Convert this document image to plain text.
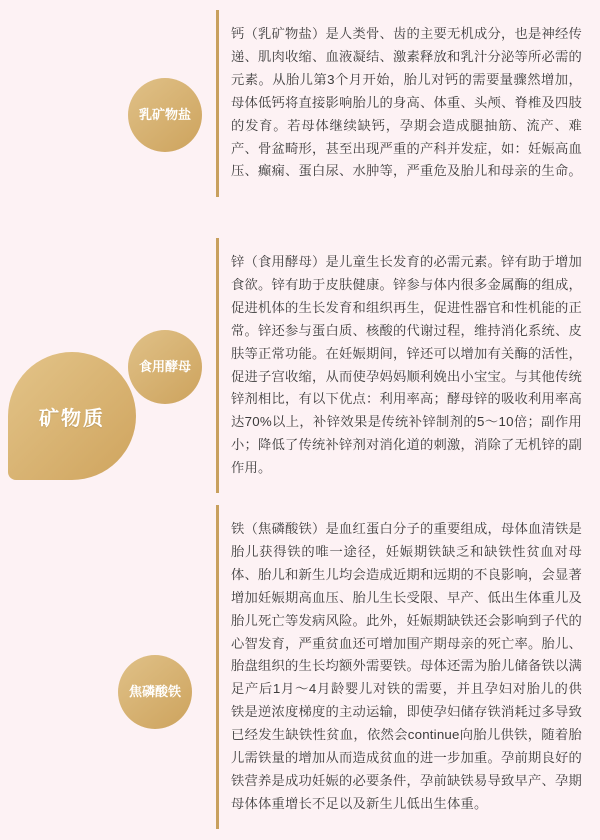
矿物质
乳矿物盐
食用酵母
焦磷酸铁

钙（乳矿物盐）是人类骨、齿的主要无机成分，也是神经传递、肌肉收缩、血液凝结、激素释放和乳汁分泌等所必需的元素。从胎儿第3个月开始，胎儿对钙的需要量骤然增加，母体低钙将直接影响胎儿的身高、体重、头颅、脊椎及四肢的发育。若母体继续缺钙，孕期会造成腿抽筋、流产、难产、骨盆畸形，甚至出现严重的产科并发症，如：妊娠高血压、癫痫、蛋白尿、水肿等，严重危及胎儿和母亲的生命。

锌（食用酵母）是儿童生长发育的必需元素。锌有助于增加食欲。锌有助于皮肤健康。锌参与体内很多金属酶的组成，促进机体的生长发育和组织再生，促进性器官和性机能的正常。锌还参与蛋白质、核酸的代谢过程，维持消化系统、皮肤等正常功能。在妊娠期间，锌还可以增加有关酶的活性，促进子宫收缩，从而使孕妈妈顺利娩出小宝宝。与其他传统锌剂相比，有以下优点：利用率高；酵母锌的吸收利用率高达70%以上，补锌效果是传统补锌制剂的5～10倍；副作用小；降低了传统补锌剂对消化道的刺激，消除了无机锌的副作用。

铁（焦磷酸铁）是血红蛋白分子的重要组成，母体血清铁是胎儿获得铁的唯一途径，妊娠期铁缺乏和缺铁性贫血对母体、胎儿和新生儿均会造成近期和远期的不良影响，会显著增加妊娠期高血压、胎儿生长受限、早产、低出生体重儿及胎儿死亡等发病风险。此外，妊娠期缺铁还会影响到子代的心智发育，严重贫血还可增加围产期母亲的死亡率。胎儿、胎盘组织的生长均额外需要铁。母体还需为胎儿储备铁以满足产后1月～4月龄婴儿对铁的需要，并且孕妇对胎儿的供铁是逆浓度梯度的主动运输，即使孕妇储存铁消耗过多导致已经发生缺铁性贫血，依然会continue向胎儿供铁，随着胎儿需铁量的增加从而造成贫血的进一步加重。孕前期良好的铁营养是成功妊娠的必要条件，孕前缺铁易导致早产、孕期母体体重增长不足以及新生儿低出生体重。
